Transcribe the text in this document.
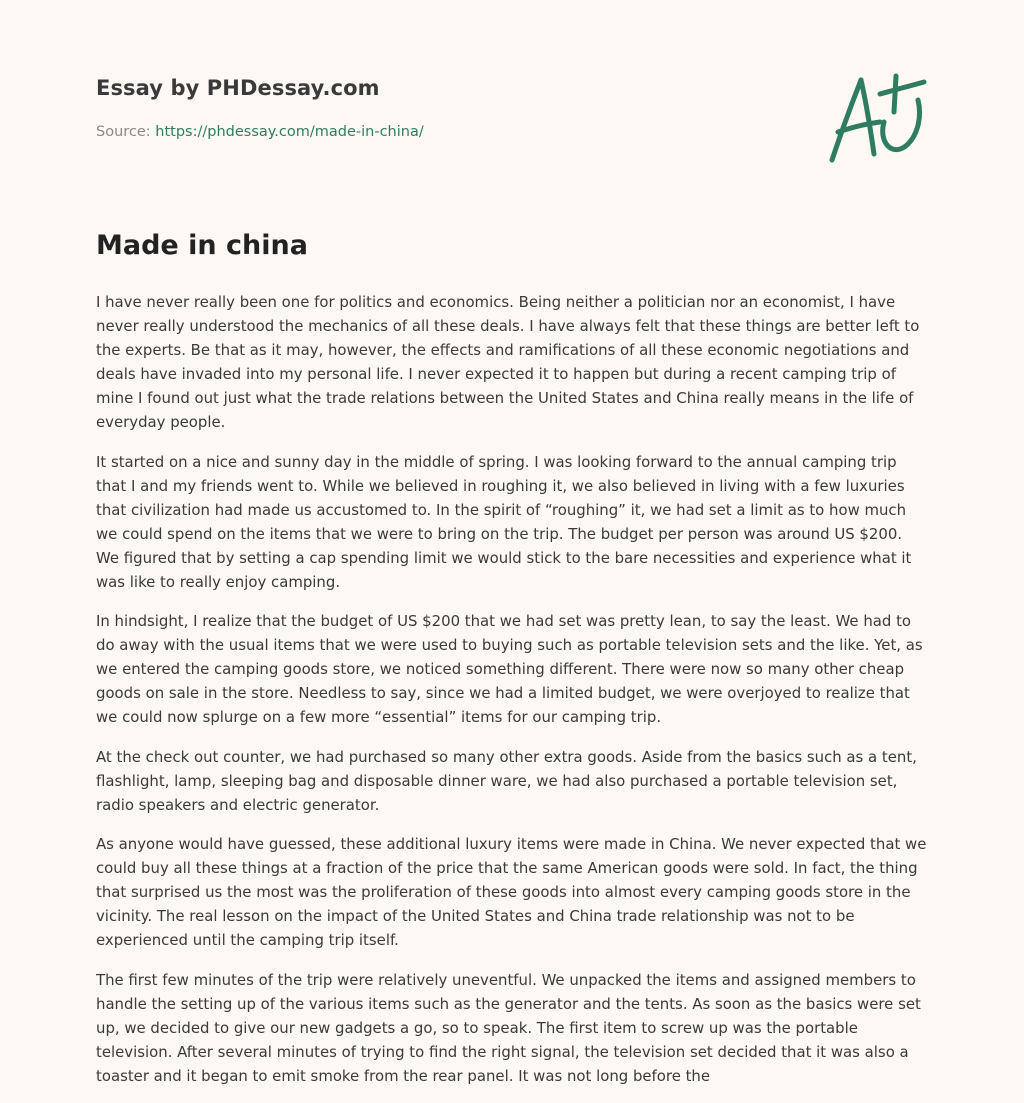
Essay by PHDessay.com
Source: https://phdessay.com/made-in-china/
Made in china

I have never really been one for politics and economics. Being neither a politician nor an economist, I have never really understood the mechanics of all these deals. I have always felt that these things are better left to the experts. Be that as it may, however, the effects and ramifications of all these economic negotiations and deals have invaded into my personal life. I never expected it to happen but during a recent camping trip of mine I found out just what the trade relations between the United States and China really means in the life of everyday people.

It started on a nice and sunny day in the middle of spring. I was looking forward to the annual camping trip that I and my friends went to. While we believed in roughing it, we also believed in living with a few luxuries that civilization had made us accustomed to. In the spirit of “roughing” it, we had set a limit as to how much we could spend on the items that we were to bring on the trip. The budget per person was around US $200. We figured that by setting a cap spending limit we would stick to the bare necessities and experience what it was like to really enjoy camping.

In hindsight, I realize that the budget of US $200 that we had set was pretty lean, to say the least. We had to do away with the usual items that we were used to buying such as portable television sets and the like. Yet, as we entered the camping goods store, we noticed something different. There were now so many other cheap goods on sale in the store. Needless to say, since we had a limited budget, we were overjoyed to realize that we could now splurge on a few more “essential” items for our camping trip.

At the check out counter, we had purchased so many other extra goods. Aside from the basics such as a tent, flashlight, lamp, sleeping bag and disposable dinner ware, we had also purchased a portable television set, radio speakers and electric generator.

As anyone would have guessed, these additional luxury items were made in China. We never expected that we could buy all these things at a fraction of the price that the same American goods were sold. In fact, the thing that surprised us the most was the proliferation of these goods into almost every camping goods store in the vicinity. The real lesson on the impact of the United States and China trade relationship was not to be experienced until the camping trip itself.

The first few minutes of the trip were relatively uneventful. We unpacked the items and assigned members to handle the setting up of the various items such as the generator and the tents. As soon as the basics were set up, we decided to give our new gadgets a go, so to speak. The first item to screw up was the portable television. After several minutes of trying to find the right signal, the television set decided that it was also a toaster and it began to emit smoke from the rear panel. It was not long before the
